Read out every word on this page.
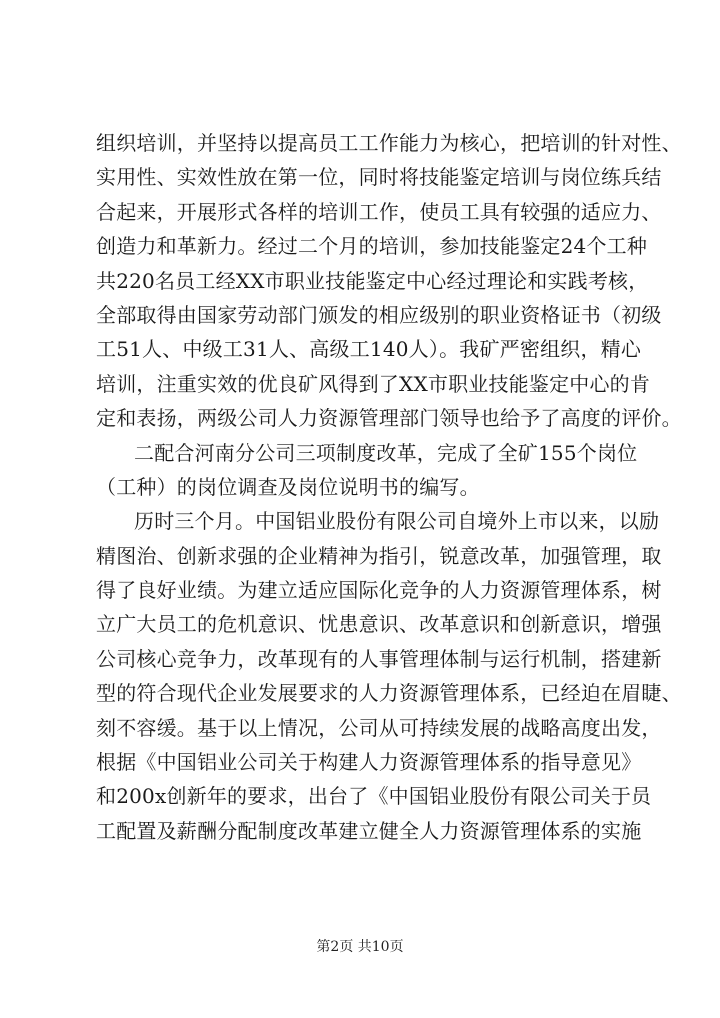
组织培训，并坚持以提高员工工作能力为核心，把培训的针对性、
实用性、实效性放在第一位，同时将技能鉴定培训与岗位练兵结
合起来，开展形式各样的培训工作，使员工具有较强的适应力、
创造力和革新力。经过二个月的培训，参加技能鉴定24个工种
共220名员工经XX市职业技能鉴定中心经过理论和实践考核，
全部取得由国家劳动部门颁发的相应级别的职业资格证书（初级
工51人、中级工31人、高级工140人）。我矿严密组织，精心
培训，注重实效的优良矿风得到了XX市职业技能鉴定中心的肯
定和表扬，两级公司人力资源管理部门领导也给予了高度的评价。
二配合河南分公司三项制度改革，完成了全矿155个岗位
（工种）的岗位调查及岗位说明书的编写。
历时三个月。中国铝业股份有限公司自境外上市以来，以励
精图治、创新求强的企业精神为指引，锐意改革，加强管理，取
得了良好业绩。为建立适应国际化竞争的人力资源管理体系，树
立广大员工的危机意识、忧患意识、改革意识和创新意识，增强
公司核心竞争力，改革现有的人事管理体制与运行机制，搭建新
型的符合现代企业发展要求的人力资源管理体系，已经迫在眉睫、
刻不容缓。基于以上情况，公司从可持续发展的战略高度出发，
根据《中国铝业公司关于构建人力资源管理体系的指导意见》
和200x创新年的要求，出台了《中国铝业股份有限公司关于员
工配置及薪酬分配制度改革建立健全人力资源管理体系的实施
第2页 共10页
